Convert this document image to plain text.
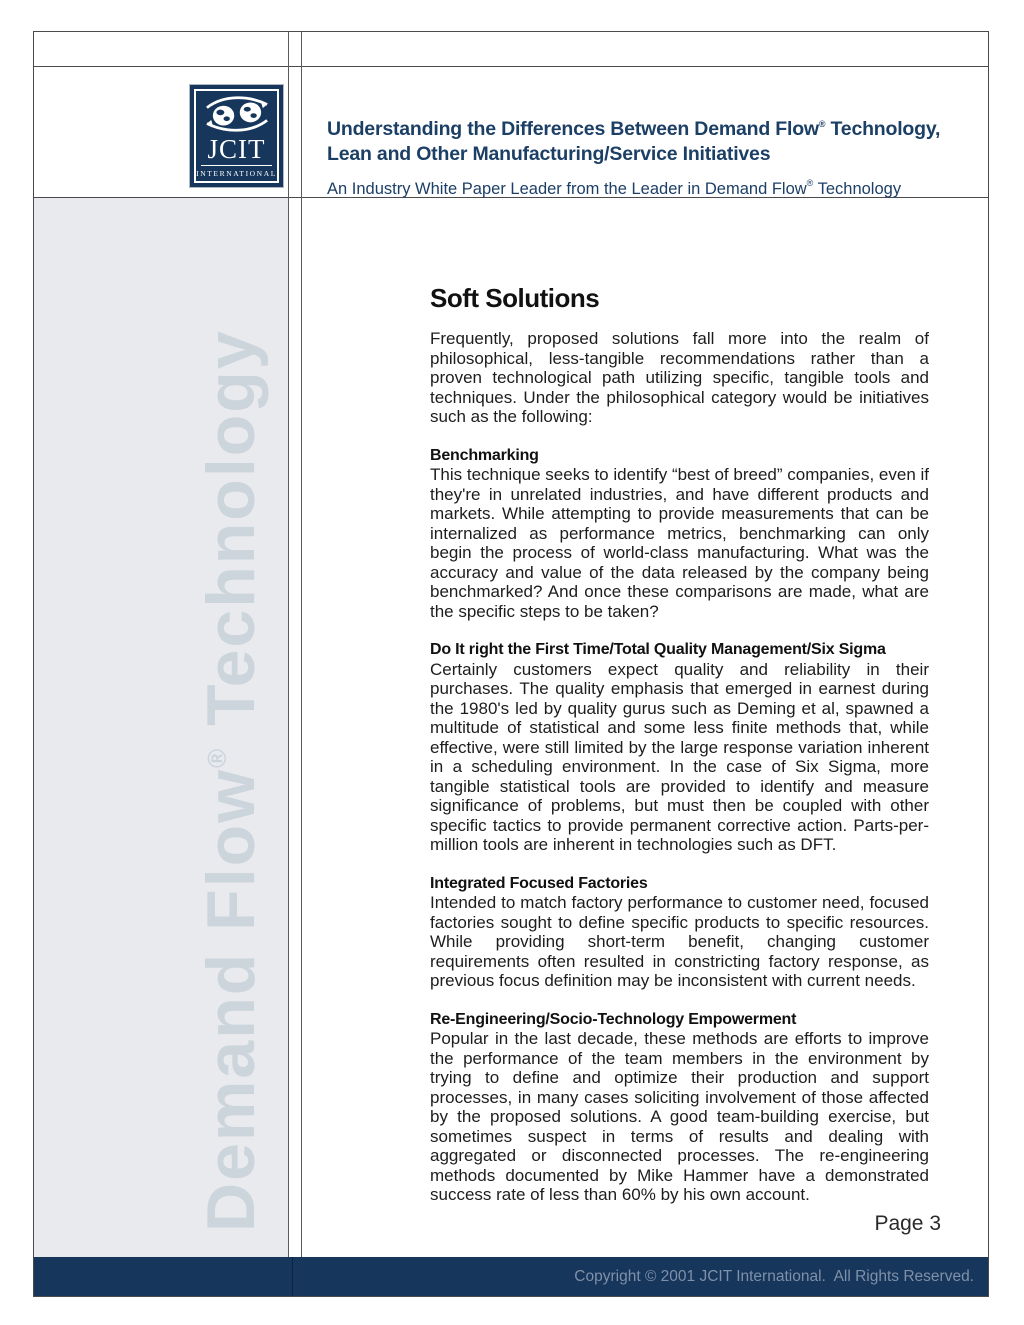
Demand Flow® Technology
JCIT
INTERNATIONAL
Understanding the Differences Between Demand Flow® Technology,
Lean and Other Manufacturing/Service Initiatives
An Industry White Paper Leader from the Leader in Demand Flow® Technology
Soft Solutions

Frequently, proposed solutions fall more into the realm of philosophical, less-tangible recommendations rather than a proven technological path utilizing specific, tangible tools and techniques. Under the philosophical category would be initiatives such as the following:

Benchmarking
This technique seeks to identify “best of breed” companies, even if they're in unrelated industries, and have different products and markets. While attempting to provide measurements that can be internalized as performance metrics, benchmarking can only begin the process of world-class manufacturing. What was the accuracy and value of the data released by the company being benchmarked? And once these comparisons are made, what are the specific steps to be taken?
Do It right the First Time/Total Quality Management/Six Sigma
Certainly customers expect quality and reliability in their purchases. The quality emphasis that emerged in earnest during the 1980's led by quality gurus such as Deming et al, spawned a multitude of statistical and some less finite methods that, while effective, were still limited by the large response variation inherent in a scheduling environment. In the case of Six Sigma, more tangible statistical tools are provided to identify and measure significance of problems, but must then be coupled with other specific tactics to provide permanent corrective action. Parts-per-million tools are inherent in technologies such as DFT.
Integrated Focused Factories
Intended to match factory performance to customer need, focused factories sought to define specific products to specific resources. While providing short-term benefit, changing customer requirements often resulted in constricting factory response, as previous focus definition may be inconsistent with current needs.
Re-Engineering/Socio-Technology Empowerment
Popular in the last decade, these methods are efforts to improve the performance of the team members in the environment by trying to define and optimize their production and support processes, in many cases soliciting involvement of those affected by the proposed solutions. A good team-building exercise, but sometimes suspect in terms of results and dealing with aggregated or disconnected processes. The re-engineering methods documented by Mike Hammer have a demonstrated success rate of less than 60% by his own account.
Page 3
Copyright © 2001 JCIT International.  All Rights Reserved.
